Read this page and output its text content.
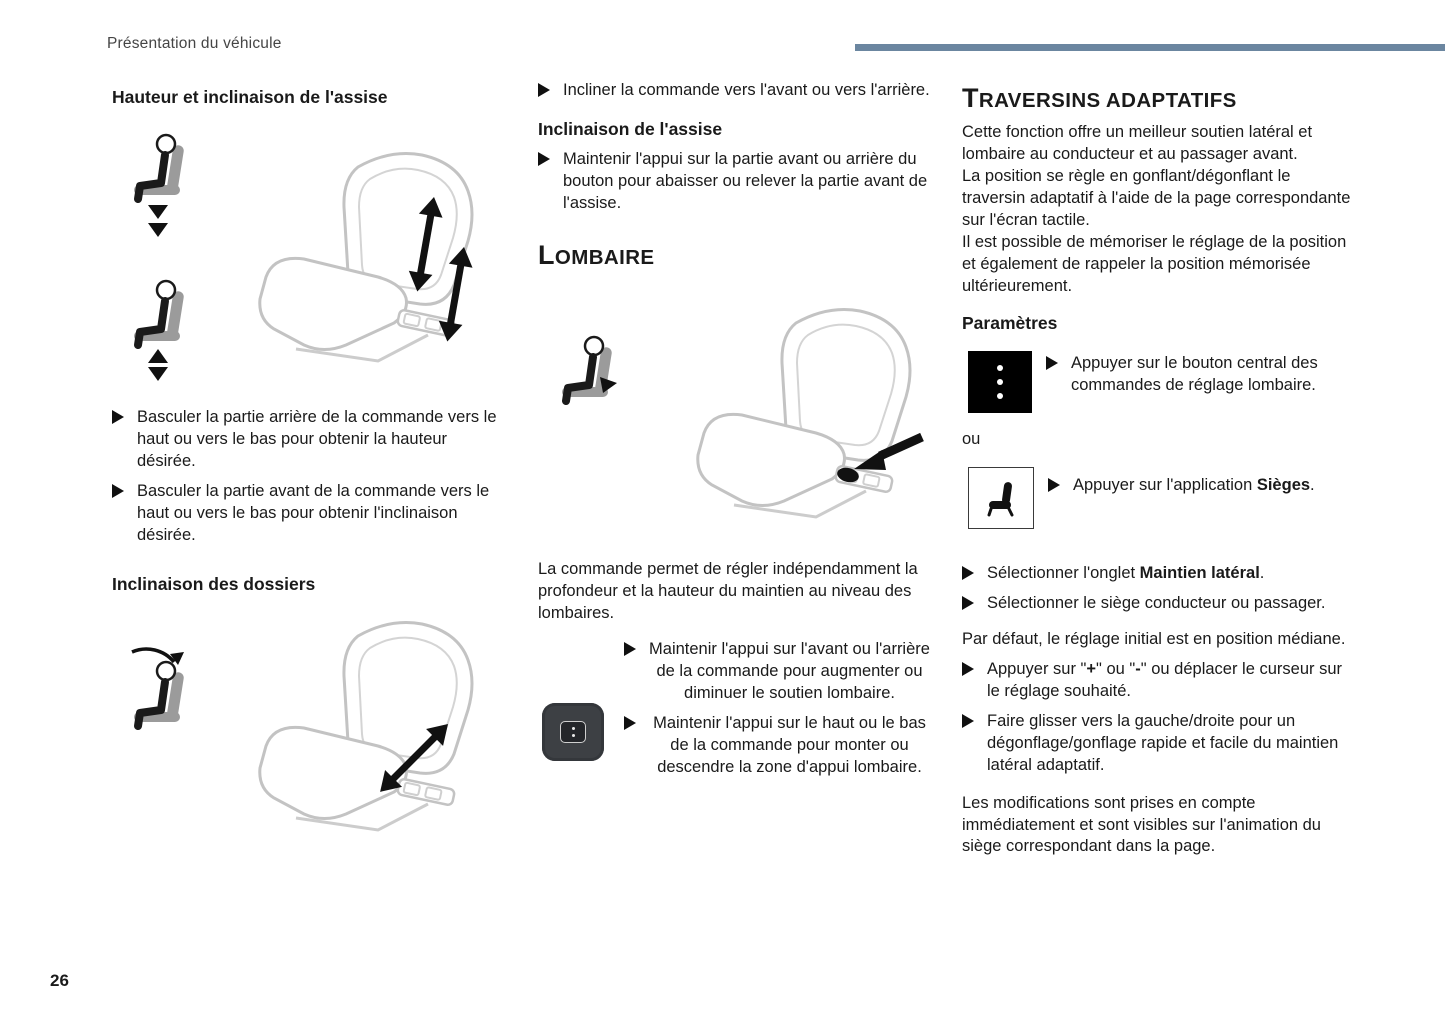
Présentation du véhicule
Hauteur et inclinaison de l'assise
Basculer la partie arrière de la commande vers le haut ou vers le bas pour obtenir la hauteur désirée.
Basculer la partie avant de la commande vers le haut ou vers le bas pour obtenir l'inclinaison désirée.
Inclinaison des dossiers
Incliner la commande vers l'avant ou vers l'arrière.
Inclinaison de l'assise
Maintenir l'appui sur la partie avant ou arrière du bouton pour abaisser ou relever la partie avant de l'assise.
LOMBAIRE

La commande permet de régler indépendamment la profondeur et la hauteur du maintien au niveau des lombaires.

Maintenir l'appui sur l'avant ou l'arrière de la commande pour augmenter ou diminuer le soutien lombaire.
Maintenir l'appui sur le haut ou le bas de la commande pour monter ou descendre la zone d'appui lombaire.
TRAVERSINS ADAPTATIFS

Cette fonction offre un meilleur soutien latéral et lombaire au conducteur et au passager avant.

La position se règle en gonflant/dégonflant le traversin adaptatif à l'aide de la page correspondante sur l'écran tactile.

Il est possible de mémoriser le réglage de la position et également de rappeler la position mémorisée ultérieurement.

Paramètres
Appuyer sur le bouton central des commandes de réglage lombaire.

ou

Appuyer sur l'application Sièges.
Sélectionner l'onglet Maintien latéral.
Sélectionner le siège conducteur ou passager.

Par défaut, le réglage initial est en position médiane.

Appuyer sur "+" ou "-" ou déplacer le curseur sur le réglage souhaité.
Faire glisser vers la gauche/droite pour un dégonflage/gonflage rapide et facile du maintien latéral adaptatif.

Les modifications sont prises en compte immédiatement et sont visibles sur l'animation du siège correspondant dans la page.

26
